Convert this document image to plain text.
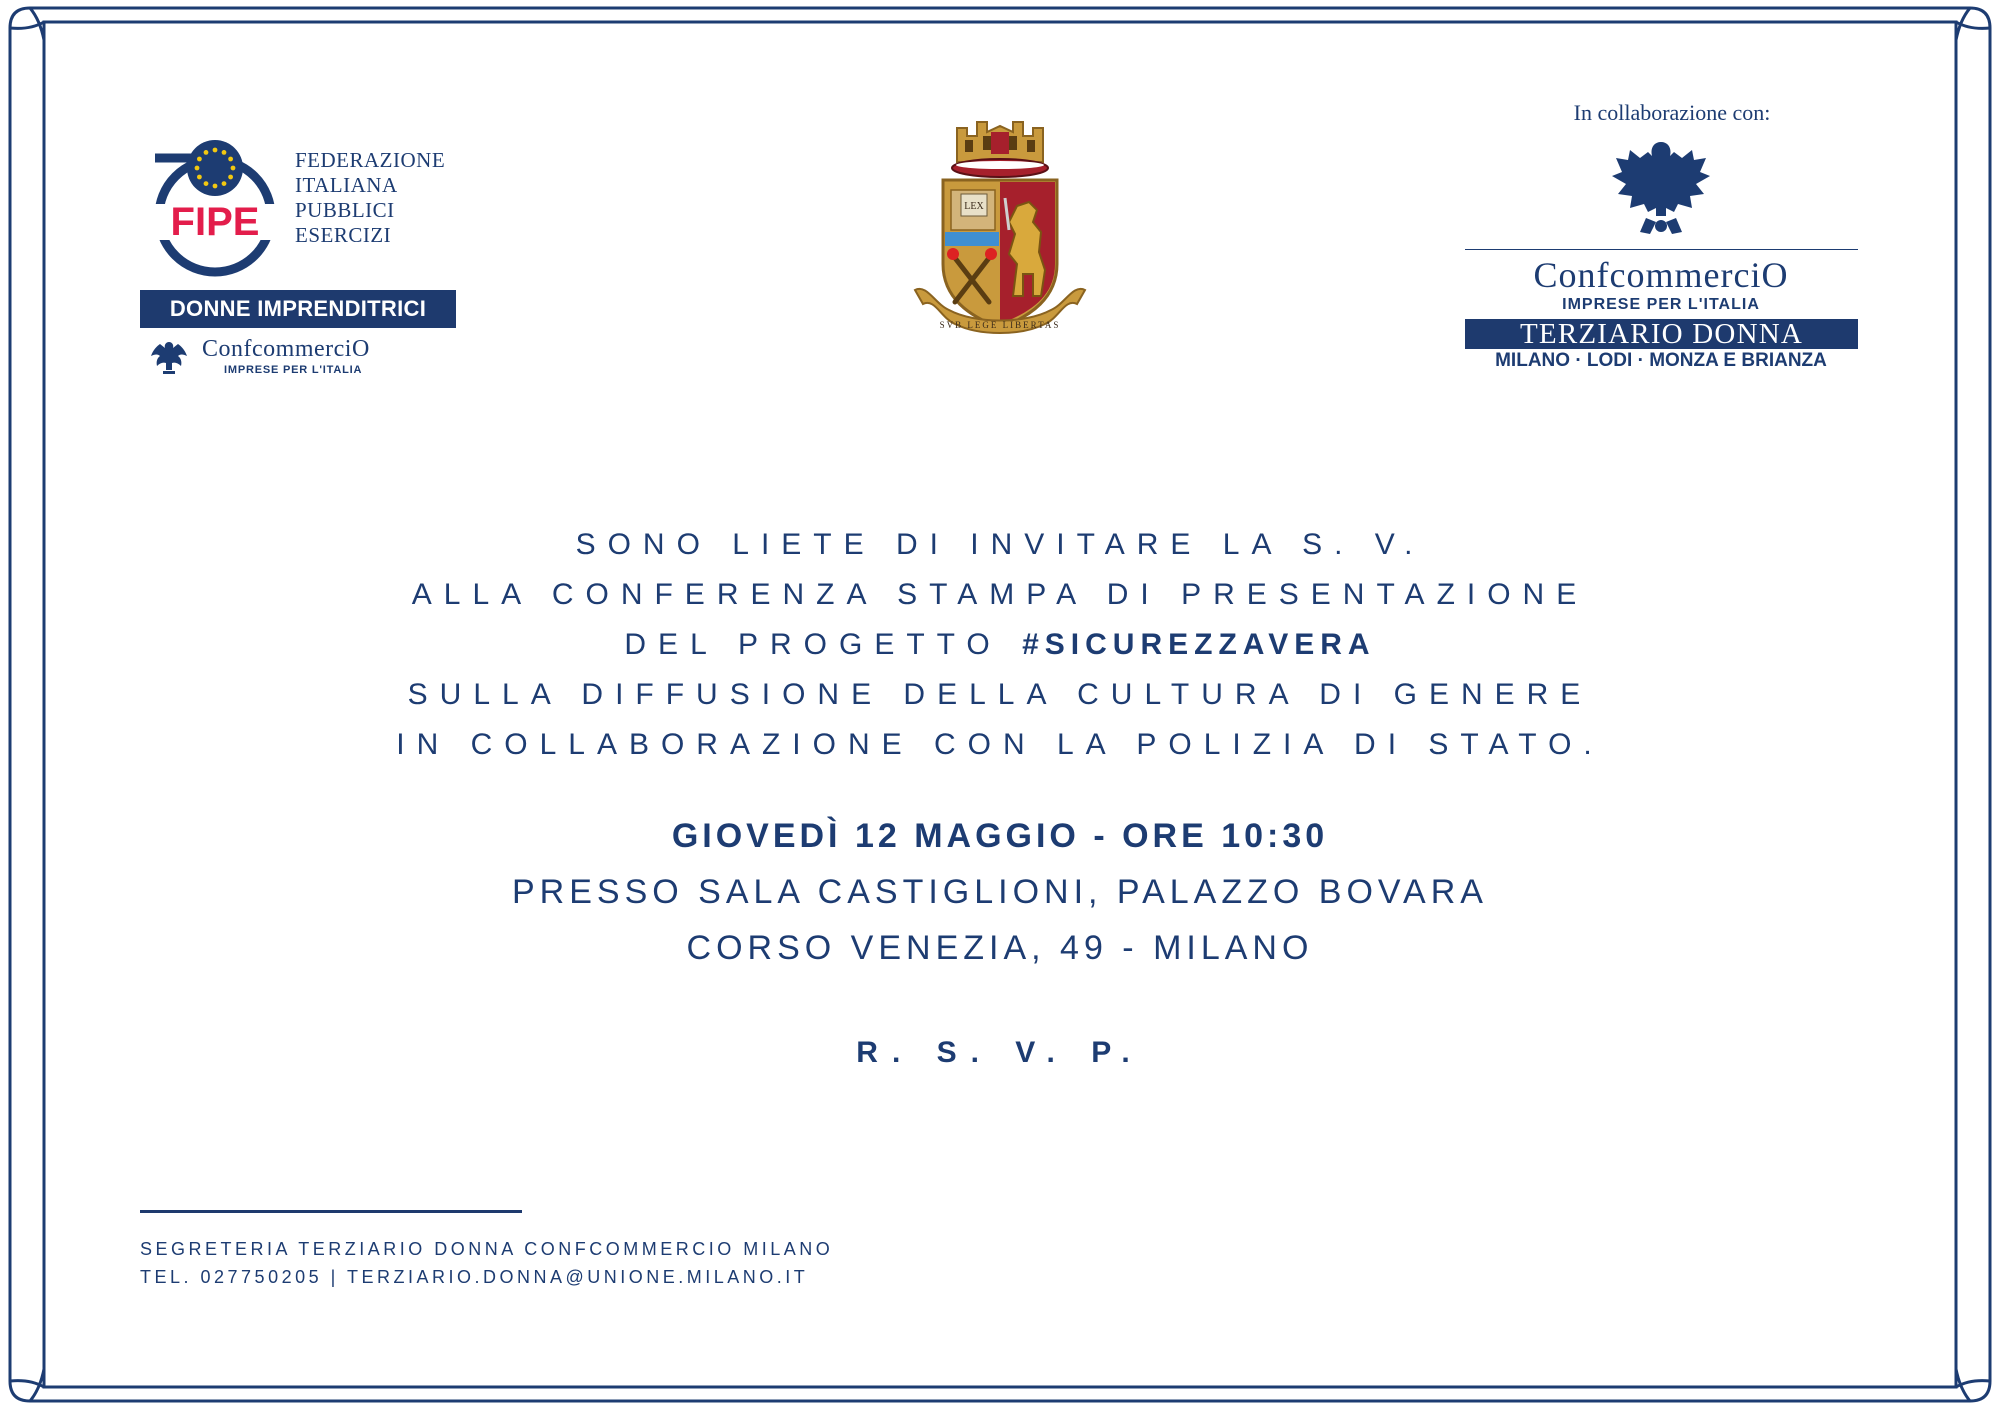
FIPE
FEDERAZIONE
ITALIANA
PUBBLICI
ESERCIZI
DONNE IMPRENDITRICI
ConfcommerciO
IMPRESE PER L'ITALIA
LEX
SVB LEGE LIBERTAS
In collaborazione con:
ConfcommerciO
IMPRESE PER L'ITALIA
TERZIARIO DONNA
MILANO · LODI · MONZA E BRIANZA
SONO LIETE DI INVITARE LA S. V.
ALLA CONFERENZA STAMPA DI PRESENTAZIONE
DEL PROGETTO #SICUREZZAVERA
SULLA DIFFUSIONE DELLA CULTURA DI GENERE
IN COLLABORAZIONE CON LA POLIZIA DI STATO.
GIOVEDÌ 12 MAGGIO - ORE 10:30
PRESSO SALA CASTIGLIONI, PALAZZO BOVARA
CORSO VENEZIA, 49 - MILANO
R. S. V. P.
SEGRETERIA TERZIARIO DONNA CONFCOMMERCIO MILANO
TEL. 027750205 | TERZIARIO.DONNA@UNIONE.MILANO.IT
